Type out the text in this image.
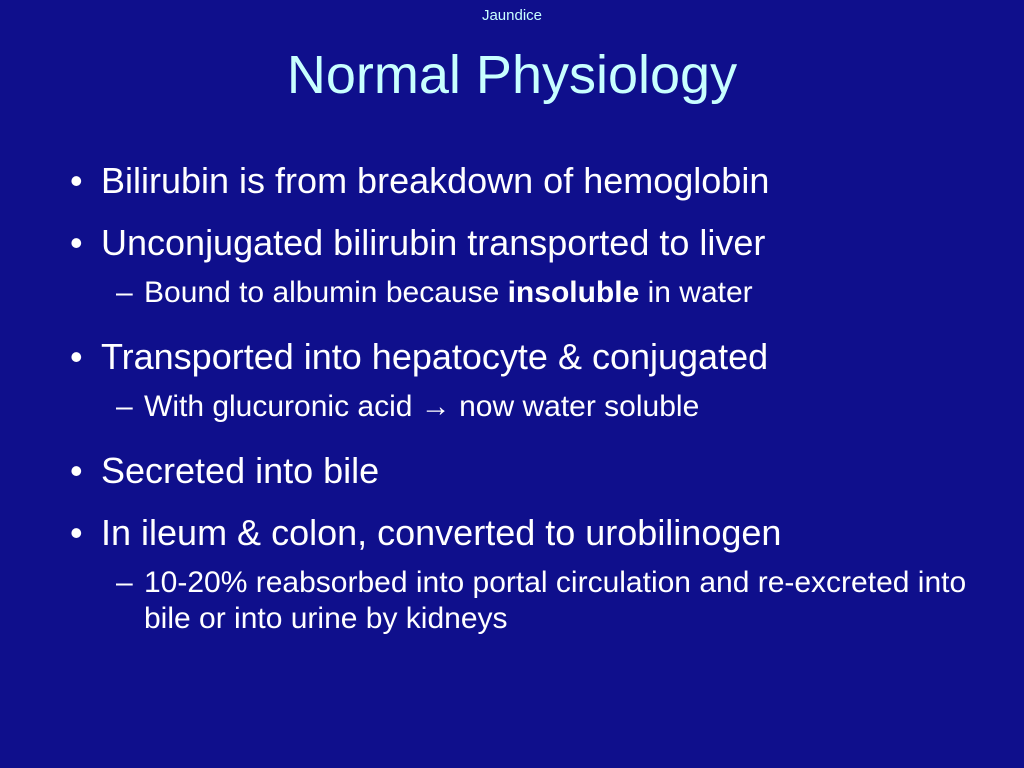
Jaundice
Normal Physiology
• Bilirubin is from breakdown of hemoglobin
• Unconjugated bilirubin transported to liver
– Bound to albumin because insoluble in water
• Transported into hepatocyte & conjugated
– With glucuronic acid → now water soluble
• Secreted into bile
• In ileum & colon, converted to urobilinogen
– 10-20% reabsorbed into portal circulation and re-excreted into bile or into urine by kidneys
